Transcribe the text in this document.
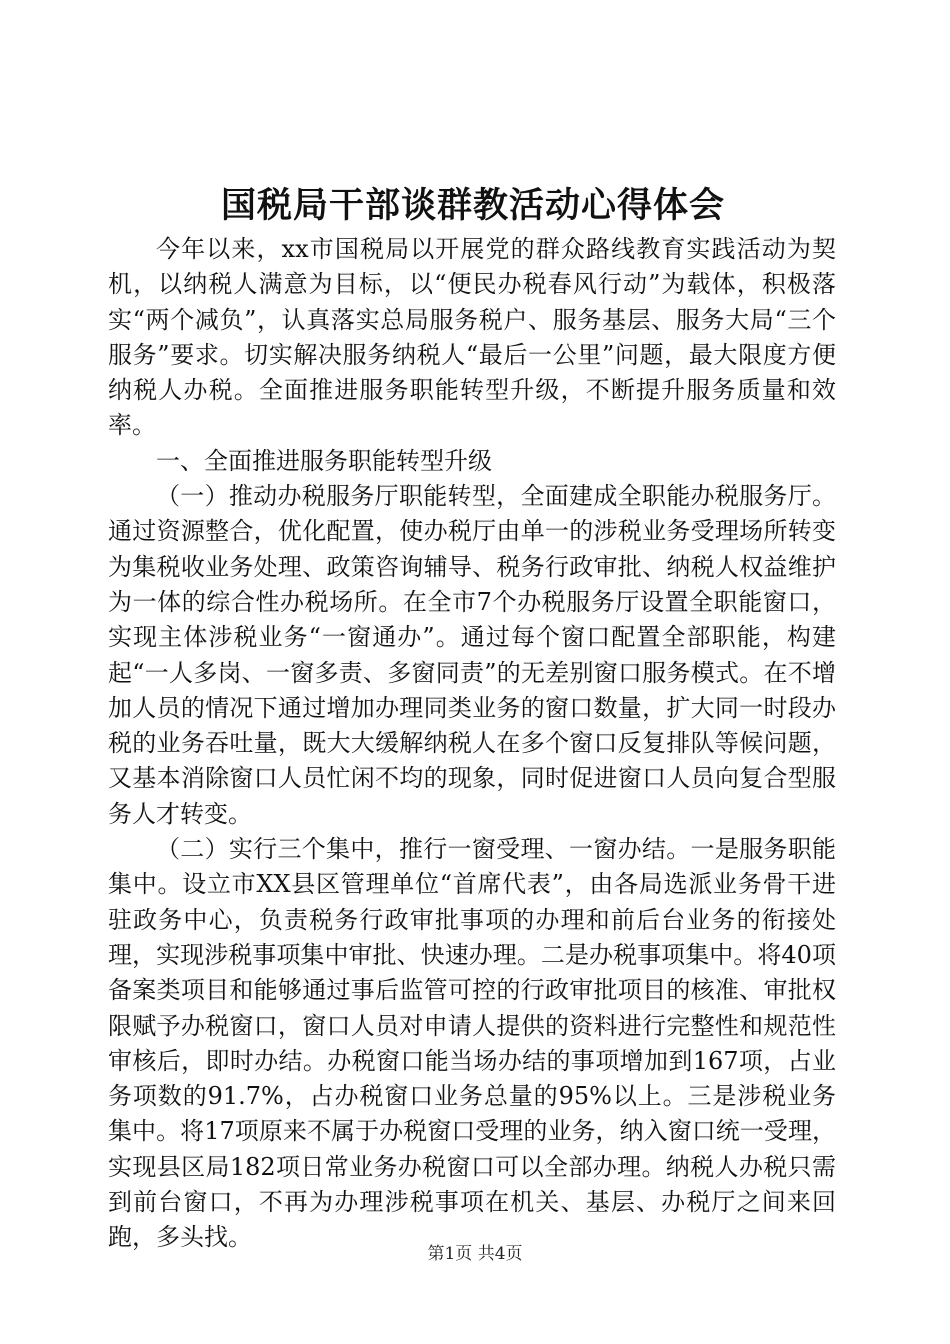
国税局干部谈群教活动心得体会

今年以来，xx市国税局以开展党的群众路线教育实践活动为契机，以纳税人满意为目标，以“便民办税春风行动”为载体，积极落实“两个减负”，认真落实总局服务税户、服务基层、服务大局“三个服务”要求。切实解决服务纳税人“最后一公里”问题，最大限度方便纳税人办税。全面推进服务职能转型升级，不断提升服务质量和效率。

一、全面推进服务职能转型升级

（一）推动办税服务厅职能转型，全面建成全职能办税服务厅。通过资源整合，优化配置，使办税厅由单一的涉税业务受理场所转变为集税收业务处理、政策咨询辅导、税务行政审批、纳税人权益维护为一体的综合性办税场所。在全市7个办税服务厅设置全职能窗口，实现主体涉税业务“一窗通办”。通过每个窗口配置全部职能，构建起“一人多岗、一窗多责、多窗同责”的无差别窗口服务模式。在不增加人员的情况下通过增加办理同类业务的窗口数量，扩大同一时段办税的业务吞吐量，既大大缓解纳税人在多个窗口反复排队等候问题，又基本消除窗口人员忙闲不均的现象，同时促进窗口人员向复合型服务人才转变。

（二）实行三个集中，推行一窗受理、一窗办结。一是服务职能集中。设立市XX县区管理单位“首席代表”，由各局选派业务骨干进驻政务中心，负责税务行政审批事项的办理和前后台业务的衔接处理，实现涉税事项集中审批、快速办理。二是办税事项集中。将40项备案类项目和能够通过事后监管可控的行政审批项目的核准、审批权限赋予办税窗口，窗口人员对申请人提供的资料进行完整性和规范性审核后，即时办结。办税窗口能当场办结的事项增加到167项，占业务项数的91.7%，占办税窗口业务总量的95%以上。三是涉税业务集中。将17项原来不属于办税窗口受理的业务，纳入窗口统一受理，实现县区局182项日常业务办税窗口可以全部办理。纳税人办税只需到前台窗口，不再为办理涉税事项在机关、基层、办税厅之间来回跑，多头找。

第1页 共4页
